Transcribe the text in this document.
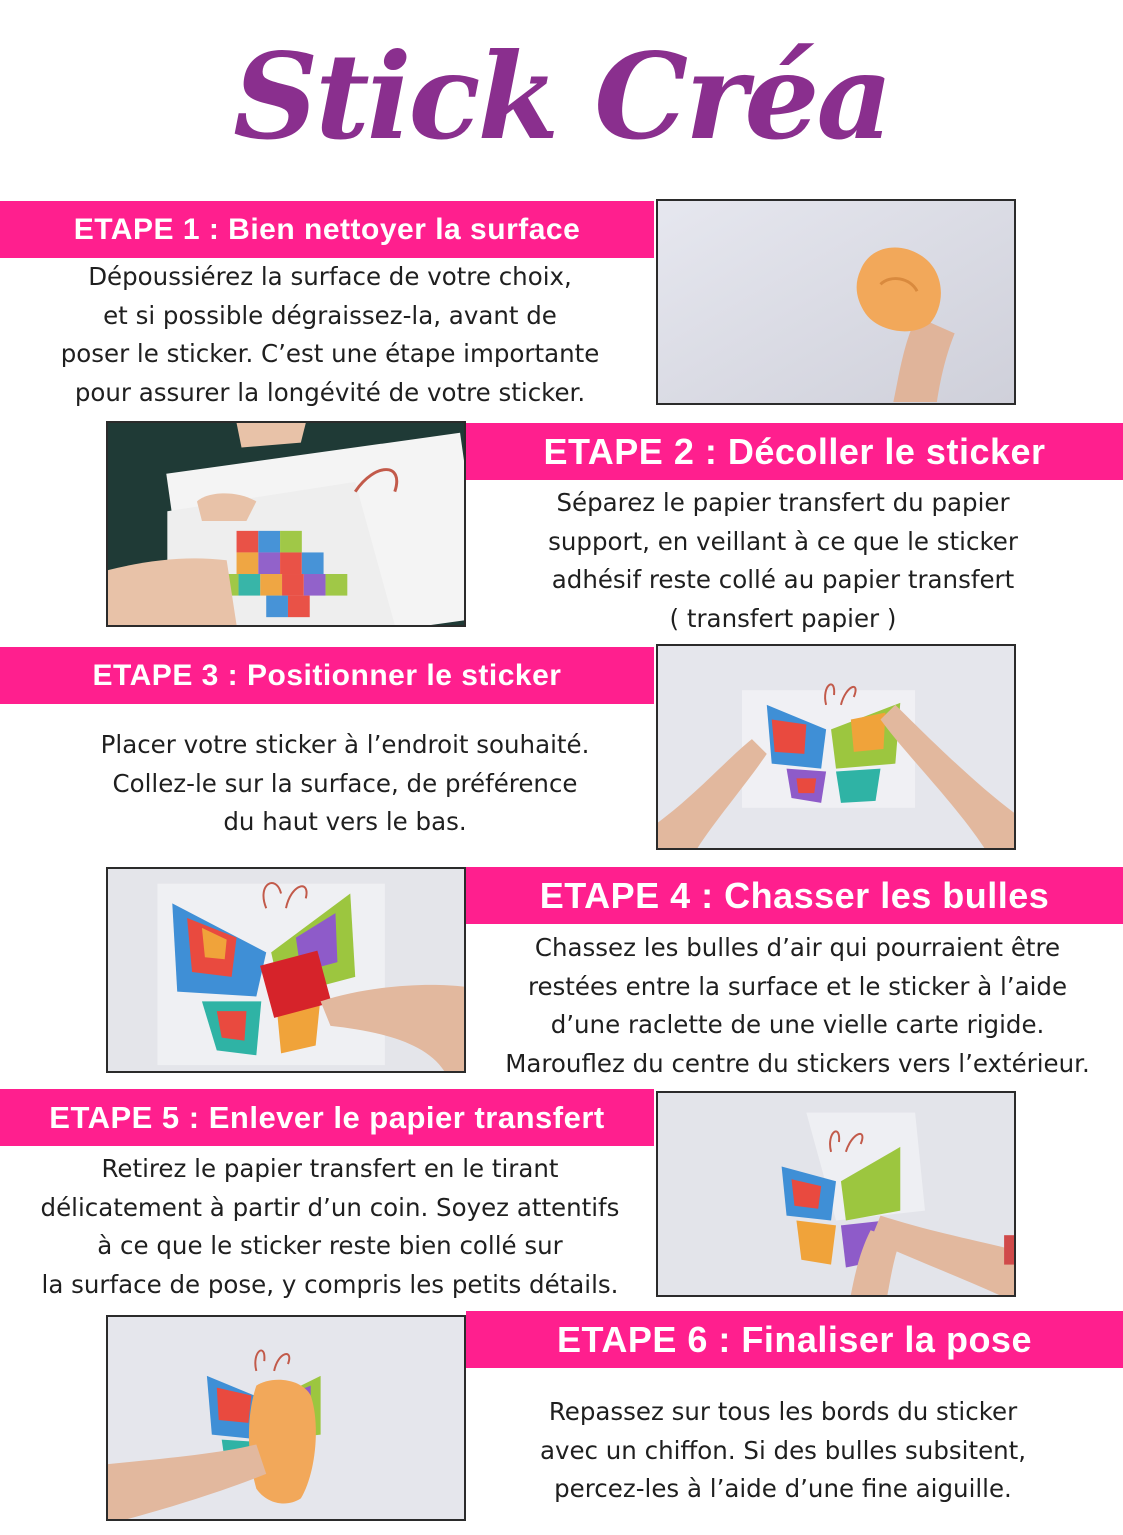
Stick Créa
ETAPE 1 : Bien nettoyer la surface
Dépoussiérez la surface de votre choix,
et si possible dégraissez-la, avant de
poser le sticker. C’est une étape importante
pour assurer la longévité de votre sticker.
ETAPE 2 : Décoller le sticker
Séparez le papier transfert du papier
support, en veillant à ce que le sticker
adhésif reste collé au papier transfert
( transfert papier )
ETAPE 3 : Positionner le sticker
Placer votre sticker à l’endroit souhaité.
Collez-le sur la surface, de préférence
du haut vers le bas.
ETAPE 4 : Chasser les bulles
Chassez les bulles d’air qui pourraient être
restées entre la surface et le sticker à l’aide
d’une raclette de une vielle carte rigide.
Marouflez du centre du stickers vers l’extérieur.
ETAPE 5 : Enlever le papier transfert
Retirez le papier transfert en le tirant
délicatement à partir d’un coin. Soyez attentifs
à ce que le sticker reste bien collé sur
la surface de pose, y compris les petits détails.
ETAPE 6 : Finaliser la pose
Repassez sur tous les bords du sticker
avec un chiffon. Si des bulles subsitent,
percez-les à l’aide d’une fine aiguille.
